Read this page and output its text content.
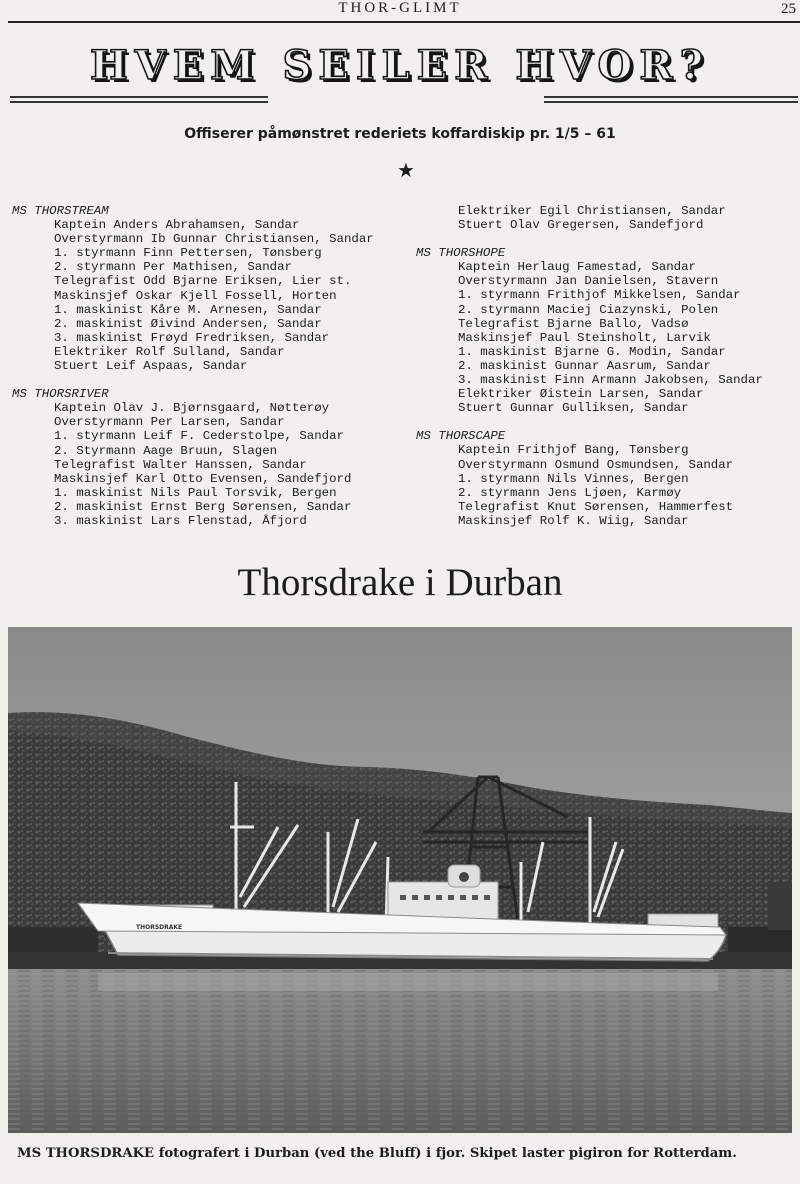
THOR-GLIMT	25
HVEM SEILER HVOR?
Offiserer påmønstret rederiets koffardiskip pr. 1/5 – 61
★
MS THORSTREAM
Kaptein Anders Abrahamsen, Sandar
Overstyrmann Ib Gunnar Christiansen, Sandar
1. styrmann Finn Pettersen, Tønsberg
2. styrmann Per Mathisen, Sandar
Telegrafist Odd Bjarne Eriksen, Lier st.
Maskinsjef Oskar Kjell Fossell, Horten
1. maskinist Kåre M. Arnesen, Sandar
2. maskinist Øivind Andersen, Sandar
3. maskinist Frøyd Fredriksen, Sandar
Elektriker Rolf Sulland, Sandar
Stuert Leif Aspaas, Sandar
MS THORSRIVER
Kaptein Olav J. Bjørnsgaard, Nøtterøy
Overstyrmann Per Larsen, Sandar
1. styrmann Leif F. Cederstolpe, Sandar
2. Styrmann Aage Bruun, Slagen
Telegrafist Walter Hanssen, Sandar
Maskinsjef Karl Otto Evensen, Sandefjord
1. maskinist Nils Paul Torsvik, Bergen
2. maskinist Ernst Berg Sørensen, Sandar
3. maskinist Lars Flenstad, Åfjord
Elektriker Egil Christiansen, Sandar
Stuert Olav Gregersen, Sandefjord
MS THORSHOPE
Kaptein Herlaug Famestad, Sandar
Overstyrmann Jan Danielsen, Stavern
1. styrmann Frithjof Mikkelsen, Sandar
2. styrmann Maciej Ciazynski, Polen
Telegrafist Bjarne Ballo, Vadsø
Maskinsjef Paul Steinsholt, Larvik
1. maskinist Bjarne G. Modin, Sandar
2. maskinist Gunnar Aasrum, Sandar
3. maskinist Finn Armann Jakobsen, Sandar
Elektriker Øistein Larsen, Sandar
Stuert Gunnar Gulliksen, Sandar
MS THORSCAPE
Kaptein Frithjof Bang, Tønsberg
Overstyrmann Osmund Osmundsen, Sandar
1. styrmann Nils Vinnes, Bergen
2. styrmann Jens Ljøen, Karmøy
Telegrafist Knut Sørensen, Hammerfest
Maskinsjef Rolf K. Wiig, Sandar
Thorsdrake i Durban
THORSDRAKE
MS THORSDRAKE fotografert i Durban (ved the Bluff) i fjor. Skipet laster pigiron for Rotterdam.
